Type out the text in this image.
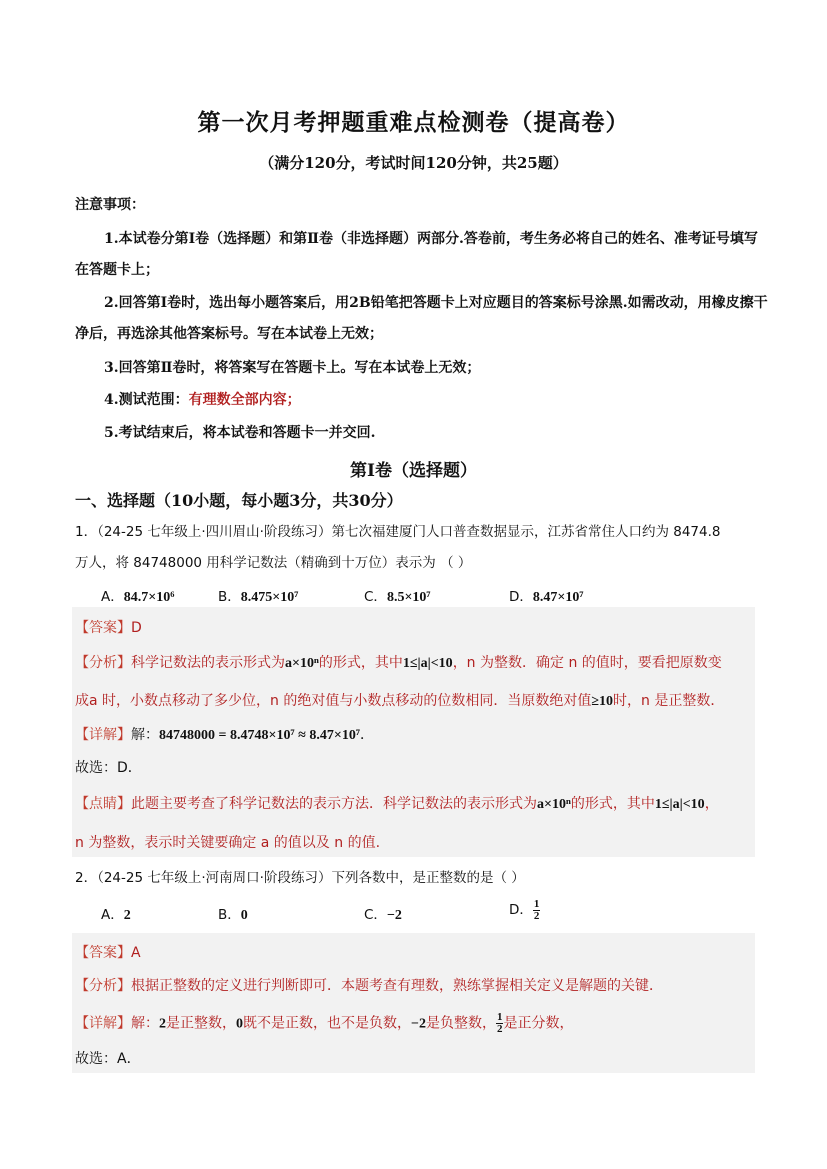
第一次月考押题重难点检测卷（提高卷）
（满分120分，考试时间120分钟，共25题）
注意事项：
1.本试卷分第Ⅰ卷（选择题）和第Ⅱ卷（非选择题）两部分.答卷前，考生务必将自己的姓名、准考证号填写
在答题卡上；
2.回答第Ⅰ卷时，选出每小题答案后，用2B铅笔把答题卡上对应题目的答案标号涂黑.如需改动，用橡皮擦干
净后，再选涂其他答案标号。写在本试卷上无效；
3.回答第Ⅱ卷时，将答案写在答题卡上。写在本试卷上无效；
4.测试范围：有理数全部内容；
5.考试结束后，将本试卷和答题卡一并交回.
第Ⅰ卷（选择题）
一、选择题（10小题，每小题3分，共30分）
1．（24-25 七年级上·四川眉山·阶段练习）第七次福建厦门人口普查数据显示，江苏省常住人口约为 8474.8
万人，将 84748000 用科学记数法（精确到十万位）表示为 （ ）
A．84.7×10⁶	B．8.475×10⁷	C．8.5×10⁷	D．8.47×10⁷
【答案】D
【分析】科学记数法的表示形式为a×10ⁿ的形式，其中1≤|a|<10，n 为整数．确定 n 的值时，要看把原数变
成a 时，小数点移动了多少位，n 的绝对值与小数点移动的位数相同．当原数绝对值≥10时，n 是正整数．
【详解】解：84748000 = 8.4748×10⁷ ≈ 8.47×10⁷．
故选：D．
【点睛】此题主要考查了科学记数法的表示方法．科学记数法的表示形式为a×10ⁿ的形式，其中1≤|a|<10，
n 为整数，表示时关键要确定 a 的值以及 n 的值.
2．（24-25 七年级上·河南周口·阶段练习）下列各数中，是正整数的是（ ）
A．2	B．0	C．−2	D． $\frac{1}{2}$
【答案】A
【分析】根据正整数的定义进行判断即可．本题考查有理数，熟练掌握相关定义是解题的关键．
【详解】解：2是正整数，0既不是正数，也不是负数，−2是负整数， $\frac{1}{2}$ 是正分数，
故选：A．
